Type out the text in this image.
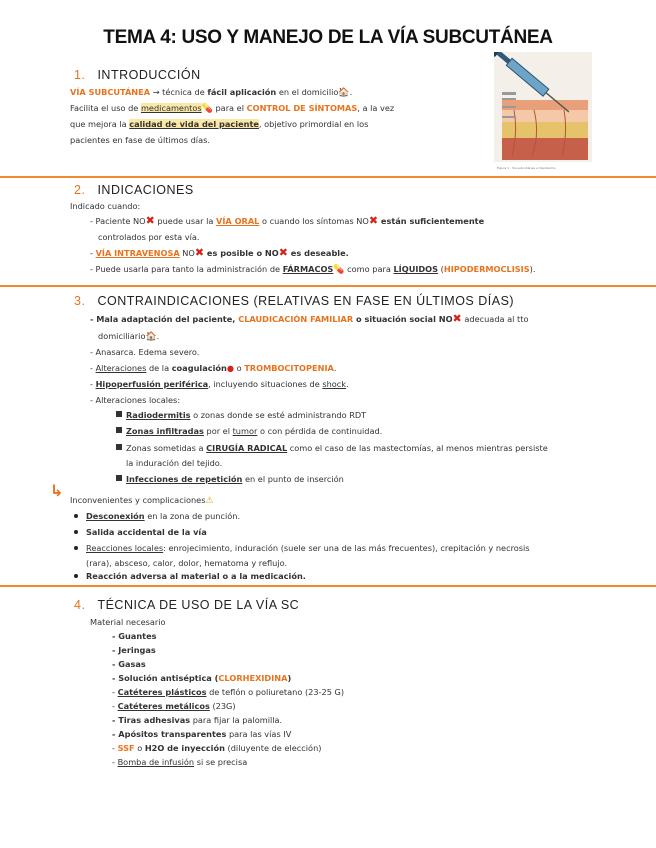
TEMA 4: USO Y MANEJO DE LA VÍA SUBCUTÁNEA
1. INTRODUCCIÓN
VÍA SUBCUTÁNEA → técnica de fácil aplicación en el domicilio🏠.
Facilita el uso de medicamentos💊 para el CONTROL DE SÍNTOMAS, a la vez
que mejora la calidad de vida del paciente, objetivo primordial en los
pacientes en fase de últimos días.
Figura 1 · Vía subcutánea e hipodermis
2. INDICACIONES
Indicado cuando:
- Paciente NO✖ puede usar la VÍA ORAL o cuando los síntomas NO✖ están suficientemente
controlados por esta vía.
- VÍA INTRAVENOSA NO✖ es posible o NO✖ es deseable.
- Puede usarla para tanto la administración de FÁRMACOS💊 como para LÍQUIDOS (HIPODERMOCLISIS).
3. CONTRAINDICACIONES (RELATIVAS EN FASE EN ÚLTIMOS DÍAS)
- Mala adaptación del paciente, CLAUDICACIÓN FAMILIAR o situación social NO✖ adecuada al tto
domiciliario🏠.
- Anasarca. Edema severo.
- Alteraciones de la coagulación● o TROMBOCITOPENIA.
- Hipoperfusión periférica, incluyendo situaciones de shock.
- Alteraciones locales:
Radiodermitis o zonas donde se esté administrando RDT
Zonas infiltradas por el tumor o con pérdida de continuidad.
Zonas sometidas a CIRUGÍA RADICAL como el caso de las mastectomías, al menos mientras persiste
la induración del tejido.
Infecciones de repetición en el punto de inserción
↳ Inconvenientes y complicaciones⚠
Desconexión en la zona de punción.
Salida accidental de la vía
Reacciones locales: enrojecimiento, induración (suele ser una de las más frecuentes), crepitación y necrosis
(rara), absceso, calor, dolor, hematoma y reflujo.
Reacción adversa al material o a la medicación.
4. TÉCNICA DE USO DE LA VÍA SC
Material necesario
- Guantes
- Jeringas
- Gasas
- Solución antiséptica (CLORHEXIDINA)
- Catéteres plásticos de teflón o poliuretano (23-25 G)
- Catéteres metálicos (23G)
- Tiras adhesivas para fijar la palomilla.
- Apósitos transparentes para las vías IV
- SSF o H2O de inyección (diluyente de elección)
- Bomba de infusión si se precisa
